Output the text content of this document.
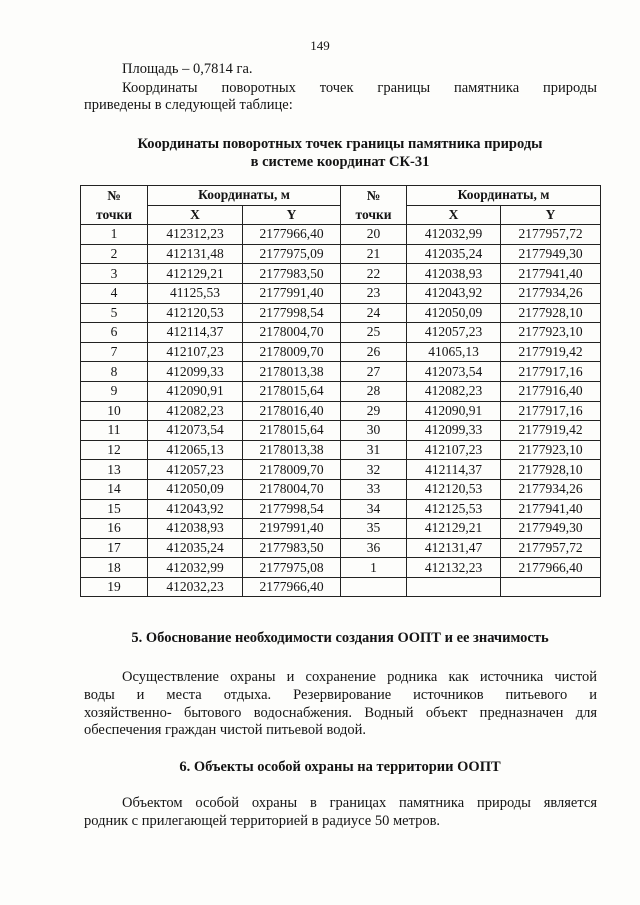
149

Площадь – 0,7814 га.

Координаты поворотных точек границы памятника природы

приведены в следующей таблице:

Координаты поворотных точек границы памятника природы
в системе координат СК-31
№	Координаты, м		№	Координаты, м	
точки	X	Y	точки	X	Y
1	412312,23	2177966,40	20	412032,99	2177957,72
2	412131,48	2177975,09	21	412035,24	2177949,30
3	412129,21	2177983,50	22	412038,93	2177941,40
4	41125,53	2177991,40	23	412043,92	2177934,26
5	412120,53	2177998,54	24	412050,09	2177928,10
6	412114,37	2178004,70	25	412057,23	2177923,10
7	412107,23	2178009,70	26	41065,13	2177919,42
8	412099,33	2178013,38	27	412073,54	2177917,16
9	412090,91	2178015,64	28	412082,23	2177916,40
10	412082,23	2178016,40	29	412090,91	2177917,16
11	412073,54	2178015,64	30	412099,33	2177919,42
12	412065,13	2178013,38	31	412107,23	2177923,10
13	412057,23	2178009,70	32	412114,37	2177928,10
14	412050,09	2178004,70	33	412120,53	2177934,26
15	412043,92	2177998,54	34	412125,53	2177941,40
16	412038,93	2197991,40	35	412129,21	2177949,30
17	412035,24	2177983,50	36	412131,47	2177957,72
18	412032,99	2177975,08	1	412132,23	2177966,40
19	412032,23	2177966,40			
5. Обоснование необходимости создания ООПТ и ее значимость

Осуществление охраны и сохранение родника как источника чистой

воды и места отдыха. Резервирование источников питьевого и

хозяйственно- бытового водоснабжения. Водный объект предназначен для

обеспечения граждан чистой питьевой водой.

6. Объекты особой охраны на территории ООПТ

Объектом особой охраны в границах памятника природы является

родник с прилегающей территорией в радиусе 50 метров.
